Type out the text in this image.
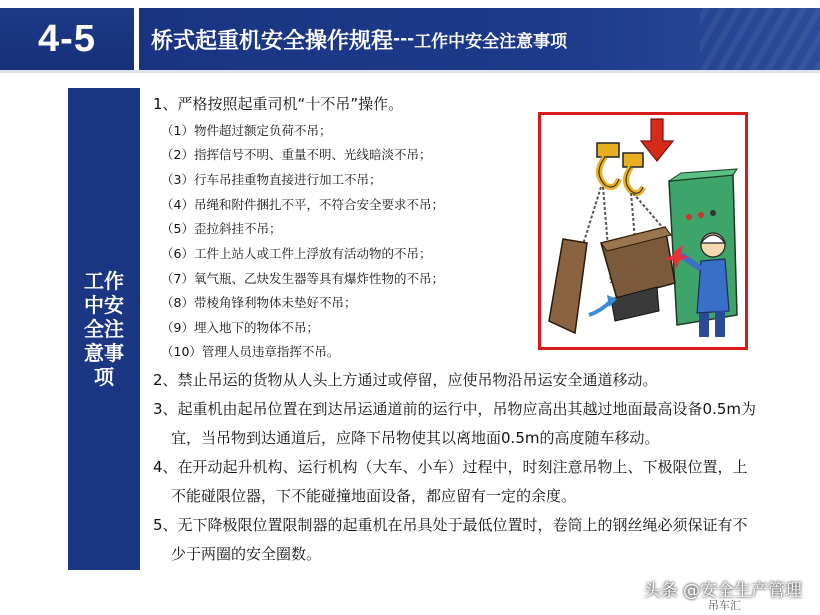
4-5	桥式起重机安全操作规程 --- 工作中安全注意事项
工作中安全注意事项
1、严格按照起重司机“十不吊”操作。
（1）物件超过额定负荷不吊；
（2）指挥信号不明、重量不明、光线暗淡不吊；
（3）行车吊挂重物直接进行加工不吊；
（4）吊绳和附件捆扎不平，不符合安全要求不吊；
（5）歪拉斜挂不吊；
（6）工件上站人或工件上浮放有活动物的不吊；
（7）氧气瓶、乙炔发生器等具有爆炸性物的不吊；
（8）带棱角锋利物体未垫好不吊；
（9）埋入地下的物体不吊；
（10）管理人员违章指挥不吊。
2、禁止吊运的货物从人头上方通过或停留，应使吊物沿吊运安全通道移动。
3、起重机由起吊位置在到达吊运通道前的运行中，吊物应高出其越过地面最高设备0.5m为
宜，当吊物到达通道后，应降下吊物使其以离地面0.5m的高度随车移动。
4、在开动起升机构、运行机构（大车、小车）过程中，时刻注意吊物上、下极限位置，上
不能碰限位器，下不能碰撞地面设备，都应留有一定的余度。
5、无下降极限位置限制器的起重机在吊具处于最低位置时，卷筒上的钢丝绳必须保证有不
少于两圈的安全圈数。
头条 @安全生产管理
吊车汇
